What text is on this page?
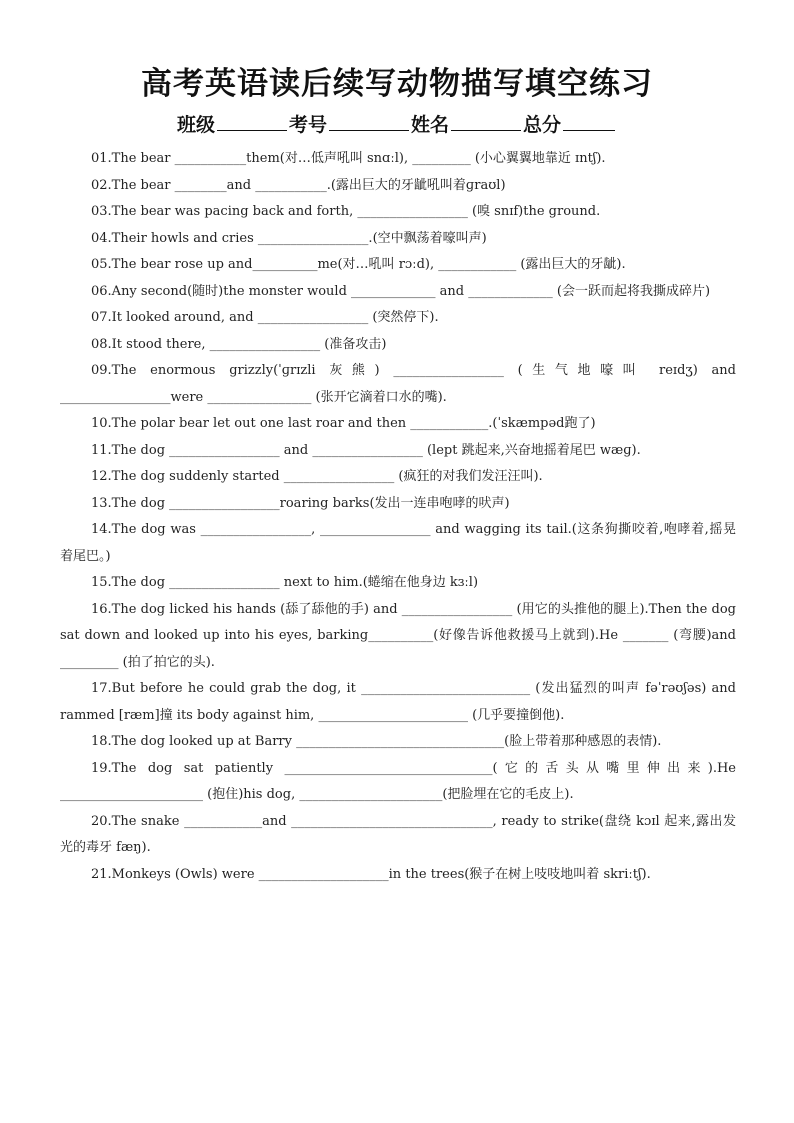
高考英语读后续写动物描写填空练习
班级	考号	姓名	总分

01.The bear ___________them(对…低声吼叫 snɑːl), _________ (小心翼翼地靠近 ɪntʃ).

02.The bear ________and ___________.(露出巨大的牙龇吼叫着ɡraʊl)

03.The bear was pacing back and forth, _________________ (嗅 snɪf)the ground.

04.Their howls and cries _________________.(空中飘荡着嚎叫声)

05.The bear rose up and__________me(对…吼叫 rɔːd), ____________ (露出巨大的牙龇).

06.Any second(随时)the monster would _____________ and _____________ (会一跃而起将我撕成碎片)

07.It looked around, and _________________ (突然停下).

08.It stood there, _________________ (准备攻击)

09.The enormous grizzly(ˈɡrɪzli 灰熊) _________________ (生气地嚎叫 reɪdʒ) and _________________were ________________ (张开它滴着口水的嘴).

10.The polar bear let out one last roar and then ____________.(ˈskæmpəd跑了)

11.The dog _________________ and _________________ (lept 跳起来,兴奋地摇着尾巴 wæɡ).

12.The dog suddenly started _________________ (疯狂的对我们发汪汪叫).

13.The dog _________________roaring barks(发出一连串咆哮的吠声)

14.The dog was _________________, _________________ and wagging its tail.(这条狗撕咬着,咆哮着,摇晃着尾巴。)

15.The dog _________________ next to him.(蜷缩在他身边 kɜːl)

16.The dog licked his hands (舔了舔他的手) and _________________ (用它的头推他的腿上).Then the dog sat down and looked up into his eyes, barking__________(好像告诉他救援马上就到).He _______ (弯腰)and _________ (拍了拍它的头).

17.But before he could grab the dog, it __________________________ (发出猛烈的叫声 fəˈrəʊʃəs) and rammed [ræm]撞 its body against him, _______________________ (几乎要撞倒他).

18.The dog looked up at Barry ________________________________(脸上带着那种感恩的表情).

19.The dog sat patiently ________________________________(它的舌头从嘴里伸出来).He ______________________ (抱住)his dog, ______________________(把脸埋在它的毛皮上).

20.The snake ____________and _______________________________, ready to strike(盘绕 kɔɪl 起来,露出发光的毒牙 fæŋ).

21.Monkeys (Owls) were ____________________in the trees(猴子在树上吱吱地叫着 skriːtʃ).
